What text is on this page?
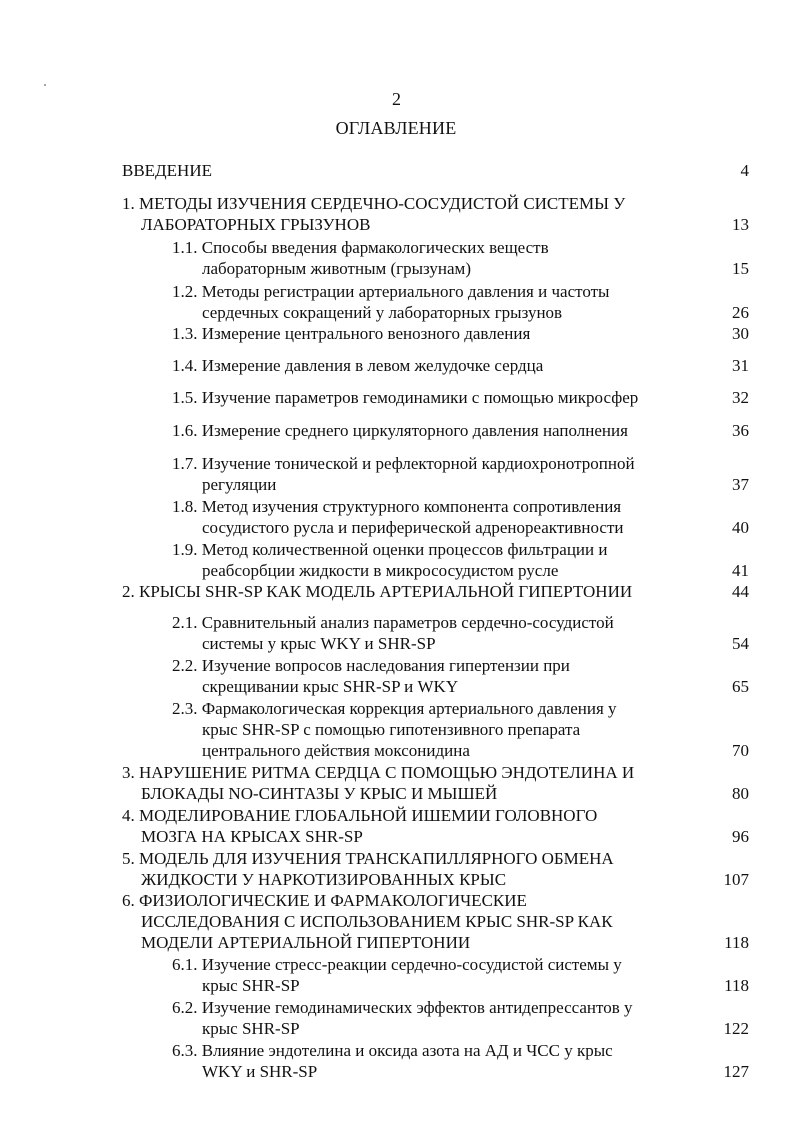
2
ОГЛАВЛЕНИЕ
ВВЕДЕНИЕ	4
1. МЕТОДЫ ИЗУЧЕНИЯ СЕРДЕЧНО-СОСУДИСТОЙ СИСТЕМЫ У
ЛАБОРАТОРНЫХ ГРЫЗУНОВ	13
1.1. Способы введения фармакологических веществ
лабораторным животным (грызунам)	15
1.2. Методы регистрации артериального давления и частоты
сердечных сокращений у лабораторных грызунов	26
1.3. Измерение центрального венозного давления	30
1.4. Измерение давления в левом желудочке сердца	31
1.5. Изучение параметров гемодинамики с помощью микросфер	32
1.6. Измерение среднего циркуляторного давления наполнения	36
1.7. Изучение тонической и рефлекторной кардиохронотропной
регуляции	37
1.8. Метод изучения структурного компонента сопротивления
сосудистого русла и периферической адренореактивности	40
1.9. Метод количественной оценки процессов фильтрации и
реабсорбции жидкости в микрососудистом русле	41
2. КРЫСЫ SHR-SP КАК МОДЕЛЬ АРТЕРИАЛЬНОЙ ГИПЕРТОНИИ	44
2.1. Сравнительный анализ параметров сердечно-сосудистой
системы у крыс WKY и SHR-SP	54
2.2. Изучение вопросов наследования гипертензии при
скрещивании крыс SHR-SP и WKY	65
2.3. Фармакологическая коррекция артериального давления у
крыс SHR-SP с помощью гипотензивного препарата
центрального действия моксонидина	70
3. НАРУШЕНИЕ РИТМА СЕРДЦА С ПОМОЩЬЮ ЭНДОТЕЛИНА И
БЛОКАДЫ NO-СИНТАЗЫ У КРЫС И МЫШЕЙ	80
4. МОДЕЛИРОВАНИЕ ГЛОБАЛЬНОЙ ИШЕМИИ ГОЛОВНОГО
МОЗГА НА КРЫСАХ SHR-SP	96
5. МОДЕЛЬ ДЛЯ ИЗУЧЕНИЯ ТРАНСКАПИЛЛЯРНОГО ОБМЕНА
ЖИДКОСТИ У НАРКОТИЗИРОВАННЫХ КРЫС	107
6. ФИЗИОЛОГИЧЕСКИЕ И ФАРМАКОЛОГИЧЕСКИЕ
ИССЛЕДОВАНИЯ С ИСПОЛЬЗОВАНИЕМ КРЫС SHR-SP КАК
МОДЕЛИ АРТЕРИАЛЬНОЙ ГИПЕРТОНИИ	118
6.1. Изучение стресс-реакции сердечно-сосудистой системы у
крыс SHR-SP	118
6.2. Изучение гемодинамических эффектов антидепрессантов у
крыс SHR-SP	122
6.3. Влияние эндотелина и оксида азота на АД и ЧСС у крыс
WKY и SHR-SP	127
